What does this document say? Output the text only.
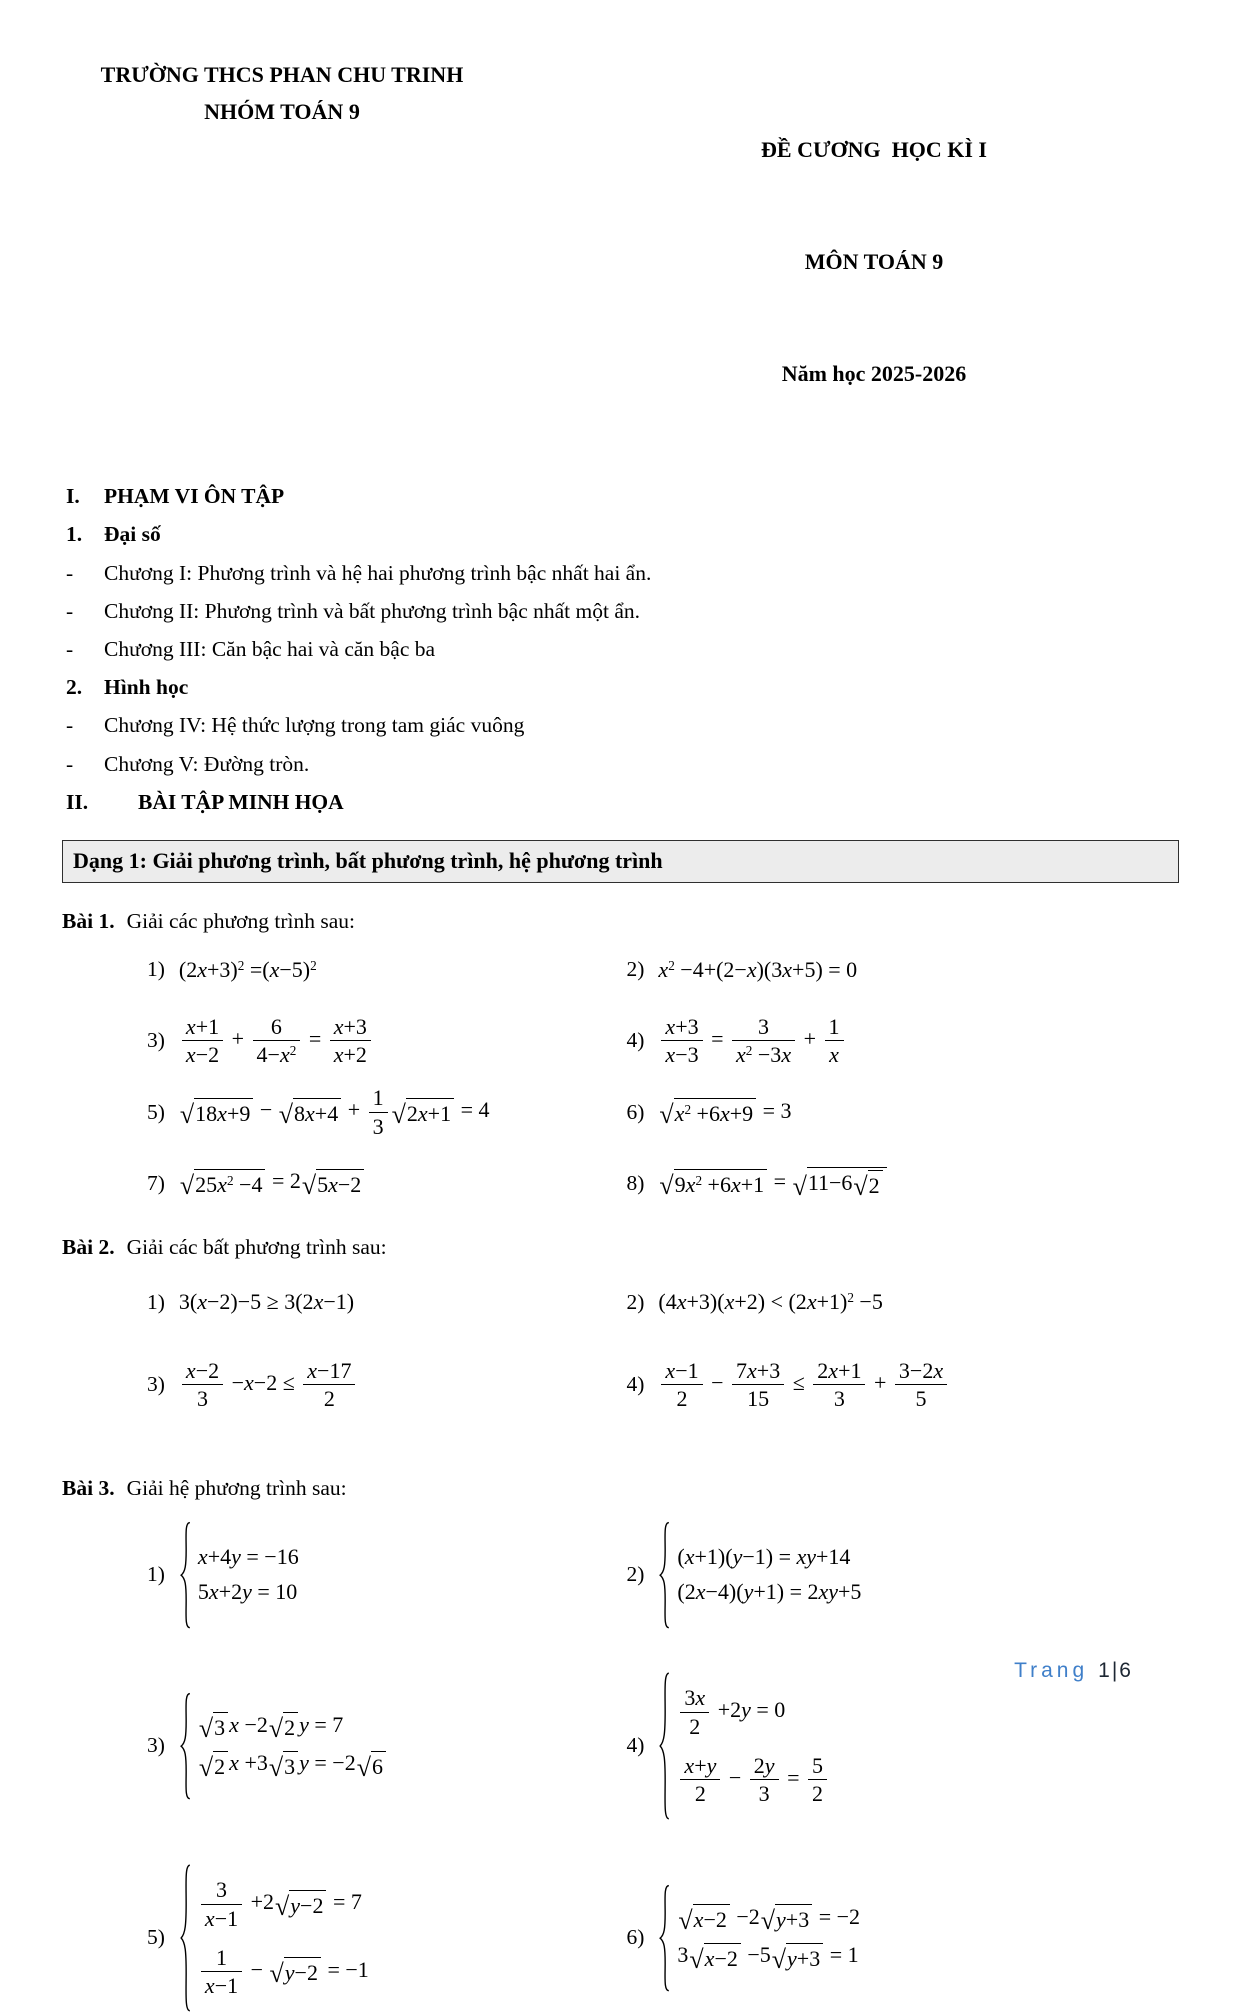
TRƯỜNG THCS PHAN CHU TRINH
NHÓM TOÁN 9

ĐỀ CƯƠNG  HỌC KÌ I

MÔN TOÁN 9

Năm học 2025-2026

I.	PHẠM VI ÔN TẬP
1.	Đại số
-	Chương I: Phương trình và hệ hai phương trình bậc nhất hai ẩn.
-	Chương II: Phương trình và bất phương trình bậc nhất một ẩn.
-	Chương III: Căn bậc hai và căn bậc ba
2.	Hình học
-	Chương IV: Hệ thức lượng trong tam giác vuông
-	Chương V: Đường tròn.
II.	BÀI TẬP MINH HỌA
Dạng 1: Giải phương trình, bất phương trình, hệ phương trình
Bài 1. Giải các phương trình sau:
1) $(2x+3)^2 =(x-5)^2$	2) $x^2 -4+(2-x)(3x+5) = 0$
$3) \frac{x+1}{x-2} + \frac{6}{4-x^2} = \frac{x+3}{x+2}$	$4) \frac{x+3}{x-3} = \frac{3}{x^2 -3x} + \frac{1}{x}$
5) √ 18x+9 − √ $8x+4 + \frac{1}{3}$ √ 2x+1 = 4	6) √ $x^2 +6x+9 = 3$
7) √ $25x^2 -4 = 2$ √ 5x−2	8) √ $9x^2 +6x+1$ = √ 11−6 √ 2
Bài 2. Giải các bất phương trình sau:
1) 3(x−2)−5 ≥ 3(2x−1)	2) $(4x+3)(x+2) < (2x+1)^2 -5$
$3) \frac{x-2}{3} -x-2 \le \frac{x-17}{2}$	$4) \frac{x-1}{2} - \frac{7x+3}{15} \le \frac{2x+1}{3} + \frac{3-2x}{5}$
Bài 3. Giải hệ phương trình sau:
1)
x+4y = −16
5x+2y = 10
2)
(x+1)(y−1) = xy+14
(2x−4)(y+1) = 2xy+5
3)
√ 3 x −2 √ 2 y = 7
√ 2 x +3 √ 3 y = −2 √ 6
4)
$\frac{3x}{2} +2y = 0$
$\frac{x+y}{2} - \frac{2y}{3} = \frac{5}{2}$
5)
$\frac{3}{x-1} +2$ √ y−2 = 7
$\frac{1}{x-1}$ − √ y−2 = −1
6)
√ x−2 −2 √ y+3 = −2
3 √ x−2 −5 √ y+3 = 1
Trang 1|6
